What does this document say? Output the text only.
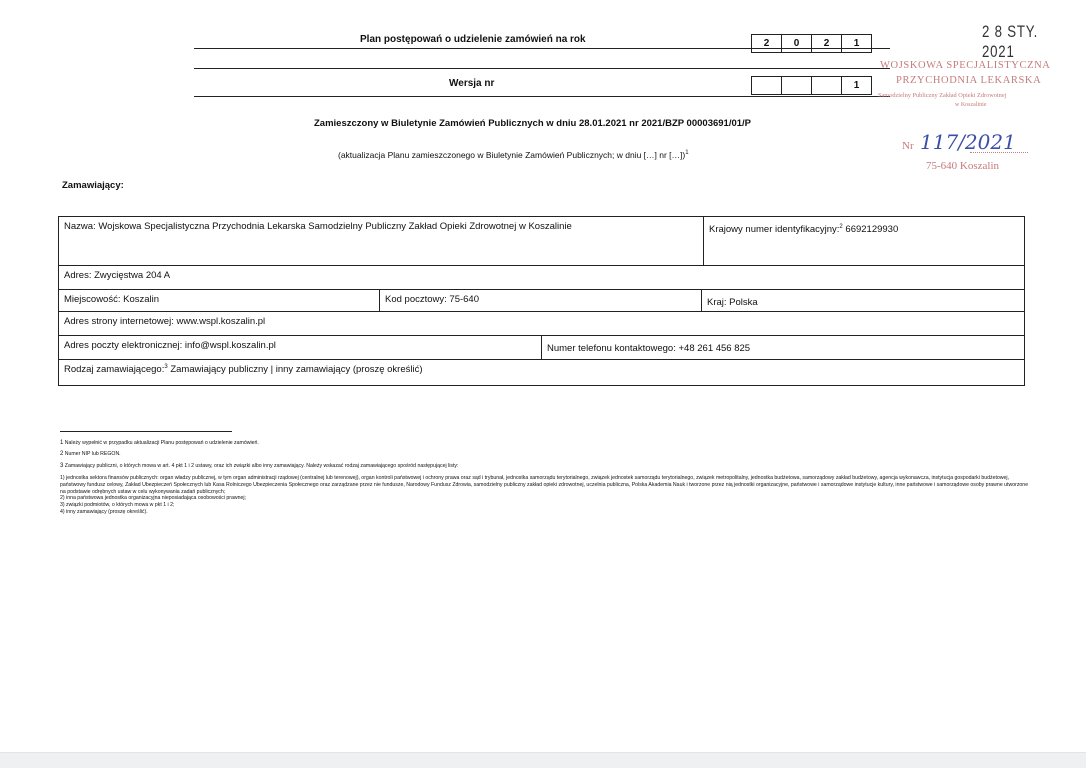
Plan postępowań o udzielenie zamówień na rok	2	0	2	1
Wersja nr	1
Zamieszczony w Biuletynie Zamówień Publicznych w dniu 28.01.2021 nr 2021/BZP 00003691/01/P
(aktualizacja Planu zamieszczonego w Biuletynie Zamówień Publicznych; w dniu […] nr […])$^1$
2 8 STY. 2021
WOJSKOWA SPECJALISTYCZNA
PRZYCHODNIA LEKARSKA
Samodzielny Publiczny Zakład Opieki Zdrowotnej
w Koszalinie
Nr 117/2021
75-640 Koszalin
Zamawiający:
Nazwa: Wojskowa Specjalistyczna Przychodnia Lekarska Samodzielny Publiczny Zakład Opieki Zdrowotnej w Koszalinie	Krajowy numer identyfikacyjny:$^2$ 6692129930
Adres: Zwycięstwa 204 A
Miejscowość: Koszalin	Kod pocztowy: 75-640	Kraj: Polska
Adres strony internetowej: www.wspl.koszalin.pl
Adres poczty elektronicznej: info@wspl.koszalin.pl	Numer telefonu kontaktowego: +48 261 456 825
Rodzaj zamawiającego:$^3$ Zamawiający publiczny | inny zamawiający (proszę określić)
1 Należy wypełnić w przypadku aktualizacji Planu postępowań o udzielenie zamówień.
2 Numer NIP lub REGON.
3 Zamawiający publiczni, o których mowa w art. 4 pkt 1 i 2 ustawy, oraz ich związki albo inny zamawiający. Należy wskazać rodzaj zamawiającego spośród następującej listy:
1) jednostka sektora finansów publicznych: organ władzy publicznej, w tym organ administracji rządowej (centralnej lub terenowej), organ kontroli państwowej i ochrony prawa oraz sąd i trybunał, jednostka samorządu terytorialnego, związek jednostek samorządu terytorialnego, związek metropolitalny, jednostka budżetowa, samorządowy zakład budżetowy, agencja wykonawcza, instytucja gospodarki budżetowej, państwowy fundusz celowy, Zakład Ubezpieczeń Społecznych lub Kasa Rolniczego Ubezpieczenia Społecznego oraz zarządzane przez nie fundusze, Narodowy Fundusz Zdrowia, samodzielny publiczny zakład opieki zdrowotnej, uczelnia publiczna, Polska Akademia Nauk i tworzone przez nią jednostki organizacyjne, państwowe i samorządowe instytucje kultury, inne państwowe i samorządowe osoby prawne utworzone na podstawie odrębnych ustaw w celu wykonywania zadań publicznych;
2) inna państwowa jednostka organizacyjna nieposiadająca osobowości prawnej;
3) związki podmiotów, o których mowa w pkt 1 i 2;
4) inny zamawiający (proszę określić).
